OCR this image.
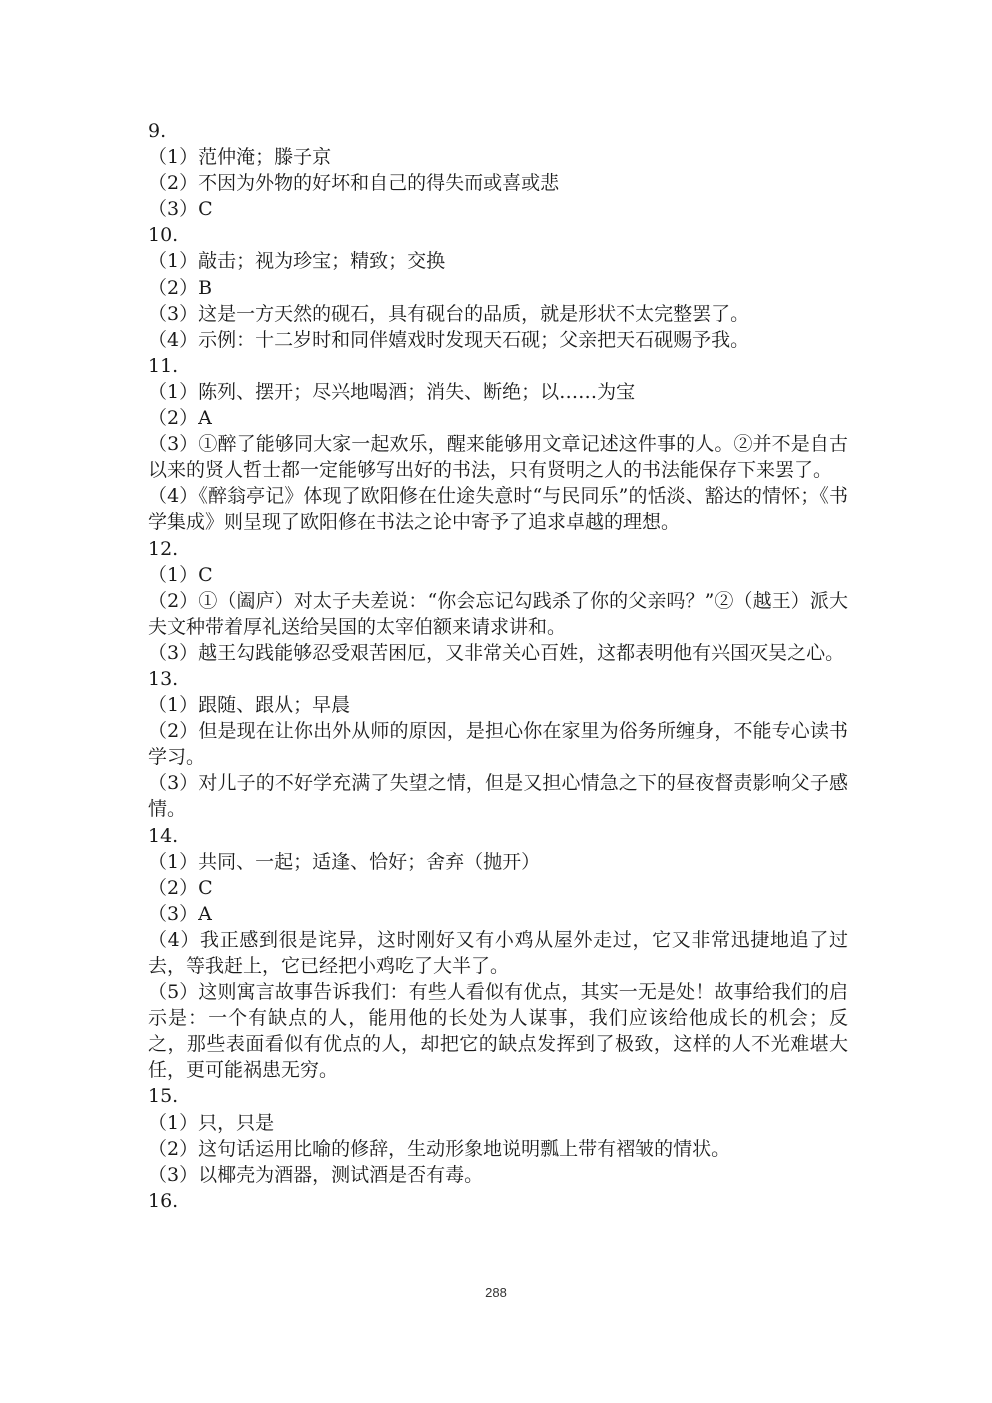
9.
（1）范仲淹；滕子京
（2）不因为外物的好坏和自己的得失而或喜或悲
（3）C
10.
（1）敲击；视为珍宝；精致；交换
（2）B
（3）这是一方天然的砚石，具有砚台的品质，就是形状不太完整罢了。
（4）示例：十二岁时和同伴嬉戏时发现天石砚；父亲把天石砚赐予我。
11.
（1）陈列、摆开；尽兴地喝酒；消失、断绝；以……为宝
（2）A
（3）①醉了能够同大家一起欢乐，醒来能够用文章记述这件事的人。②并不是自古以来的贤人哲士都一定能够写出好的书法，只有贤明之人的书法能保存下来罢了。
（4）《醉翁亭记》体现了欧阳修在仕途失意时“与民同乐”的恬淡、豁达的情怀；《书学集成》则呈现了欧阳修在书法之论中寄予了追求卓越的理想。
12.
（1）C
（2）①（阖庐）对太子夫差说：“你会忘记勾践杀了你的父亲吗？”②（越王）派大夫文种带着厚礼送给吴国的太宰伯额来请求讲和。
（3）越王勾践能够忍受艰苦困厄，又非常关心百姓，这都表明他有兴国灭吴之心。
13.
（1）跟随、跟从；早晨
（2）但是现在让你出外从师的原因，是担心你在家里为俗务所缠身，不能专心读书学习。
（3）对儿子的不好学充满了失望之情，但是又担心情急之下的昼夜督责影响父子感情。
14.
（1）共同、一起；适逢、恰好；舍弃（抛开）
（2）C
（3）A
（4）我正感到很是诧异，这时刚好又有小鸡从屋外走过，它又非常迅捷地追了过去，等我赶上，它已经把小鸡吃了大半了。
（5）这则寓言故事告诉我们：有些人看似有优点，其实一无是处！故事给我们的启示是：一个有缺点的人，能用他的长处为人谋事，我们应该给他成长的机会；反之，那些表面看似有优点的人，却把它的缺点发挥到了极致，这样的人不光难堪大任，更可能祸患无穷。
15.
（1）只，只是
（2）这句话运用比喻的修辞，生动形象地说明瓢上带有褶皱的情状。
（3）以椰壳为酒器，测试酒是否有毒。
16.
288
